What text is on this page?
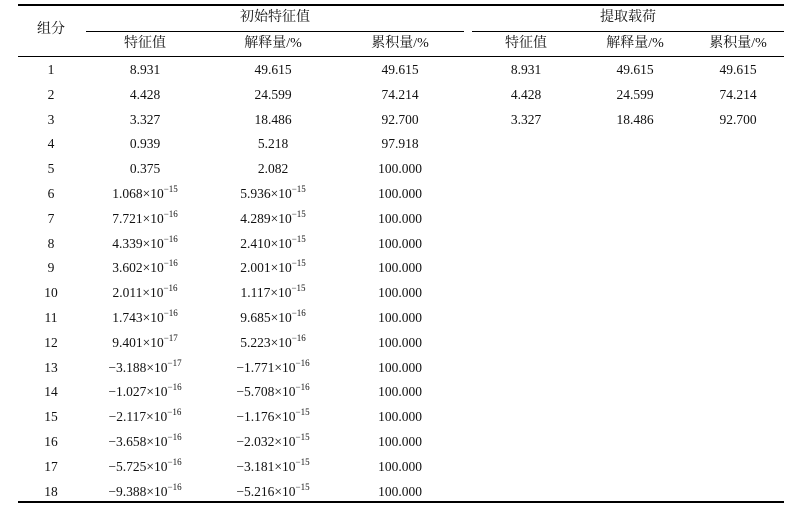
组分
初始特征值	提取载荷
特征值	解释量/%	累积量/%	特征值	解释量/%	累积量/%
1	8.931	49.615	49.615	8.931	49.615	49.615
2	4.428	24.599	74.214	4.428	24.599	74.214
3	3.327	18.486	92.700	3.327	18.486	92.700
4	0.939	5.218	97.918
5	0.375	2.082	100.000
6	$1.068\times 10^{-15}$	$5.936\times 10^{-15}$	100.000
7	$7.721\times 10^{-16}$	$4.289\times 10^{-15}$	100.000
8	$4.339\times 10^{-16}$	$2.410\times 10^{-15}$	100.000
9	$3.602\times 10^{-16}$	$2.001\times 10^{-15}$	100.000
10	$2.011\times 10^{-16}$	$1.117\times 10^{-15}$	100.000
11	$1.743\times 10^{-16}$	$9.685\times 10^{-16}$	100.000
12	$9.401\times 10^{-17}$	$5.223\times 10^{-16}$	100.000
13	$-3.188\times 10^{-17}$	$-1.771\times 10^{-16}$	100.000
14	$-1.027\times 10^{-16}$	$-5.708\times 10^{-16}$	100.000
15	$-2.117\times 10^{-16}$	$-1.176\times 10^{-15}$	100.000
16	$-3.658\times 10^{-16}$	$-2.032\times 10^{-15}$	100.000
17	$-5.725\times 10^{-16}$	$-3.181\times 10^{-15}$	100.000
18	$-9.388\times 10^{-16}$	$-5.216\times 10^{-15}$	100.000
